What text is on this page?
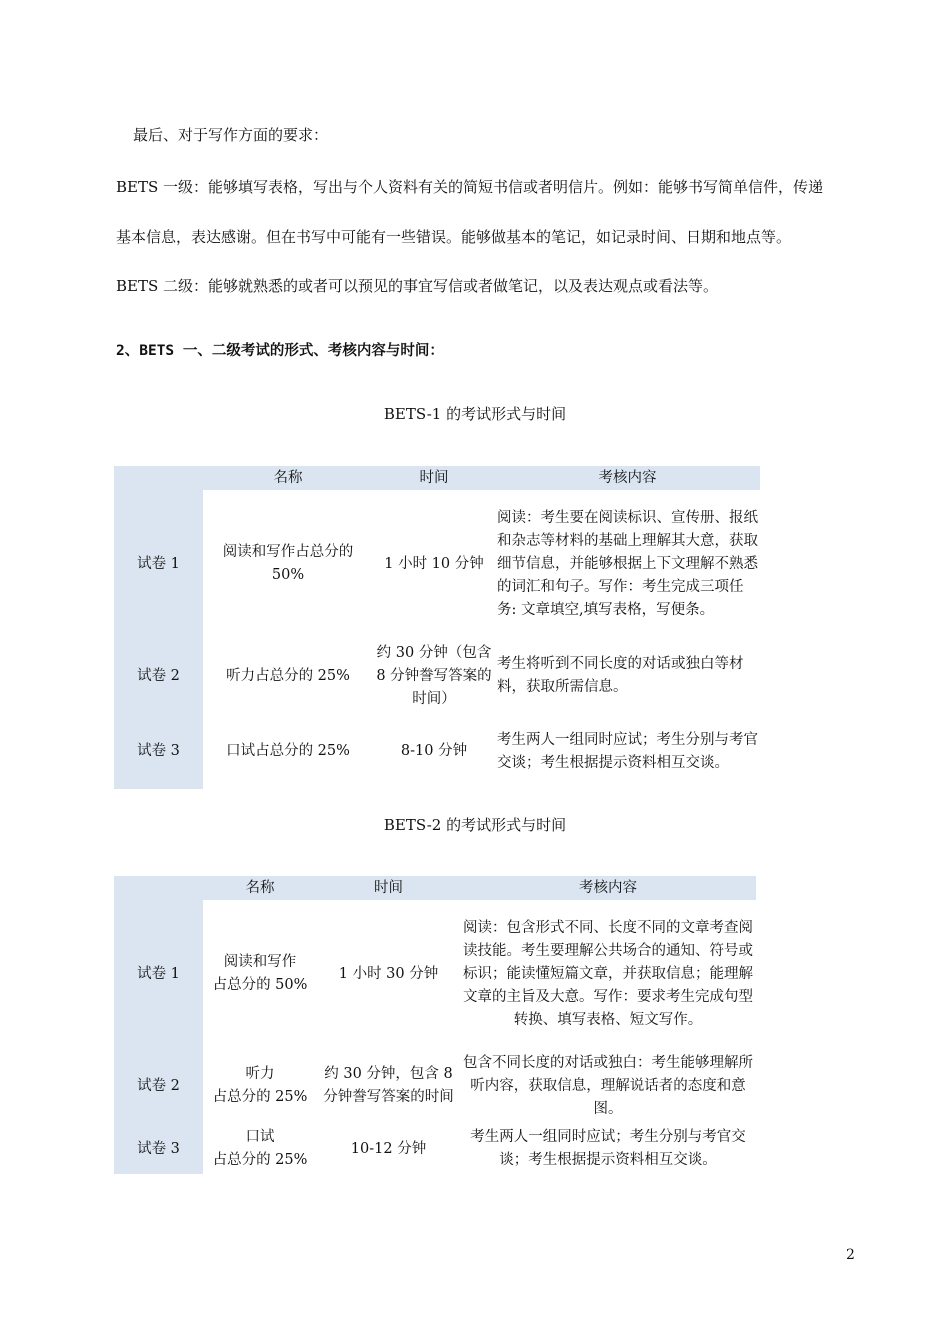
最后、对于写作方面的要求：
BETS 一级：能够填写表格，写出与个人资料有关的简短书信或者明信片。例如：能够书写简单信件，传递
基本信息，表达感谢。但在书写中可能有一些错误。能够做基本的笔记，如记录时间、日期和地点等。
BETS 二级：能够就熟悉的或者可以预见的事宜写信或者做笔记，以及表达观点或看法等。
2、BETS 一、二级考试的形式、考核内容与时间：
BETS-1 的考试形式与时间
	名称	时间	考核内容
试卷 1	阅读和写作占总分的 50%	1 小时 10 分钟	阅读：考生要在阅读标识、宣传册、报纸和杂志等材料的基础上理解其大意，获取细节信息，并能够根据上下文理解不熟悉的词汇和句子。写作：考生完成三项任务: 文章填空,填写表格，写便条。
试卷 2	听力占总分的 25%	约 30 分钟（包含 8 分钟誊写答案的时间）	考生将听到不同长度的对话或独白等材料，获取所需信息。
试卷 3	口试占总分的 25%	8-10 分钟	考生两人一组同时应试；考生分别与考官交谈；考生根据提示资料相互交谈。
BETS-2 的考试形式与时间
	名称	时间	考核内容
试卷 1	阅读和写作
占总分的 50%	1 小时 30 分钟	阅读：包含形式不同、长度不同的文章考查阅读技能。考生要理解公共场合的通知、符号或标识；能读懂短篇文章，并获取信息；能理解文章的主旨及大意。写作：要求考生完成句型转换、填写表格、短文写作。
试卷 2	听力
占总分的 25%	约 30 分钟，包含 8 分钟誊写答案的时间	包含不同长度的对话或独白：考生能够理解所听内容，获取信息，理解说话者的态度和意图。
试卷 3	口试
占总分的 25%	10-12 分钟	考生两人一组同时应试；考生分别与考官交谈；考生根据提示资料相互交谈。
2
